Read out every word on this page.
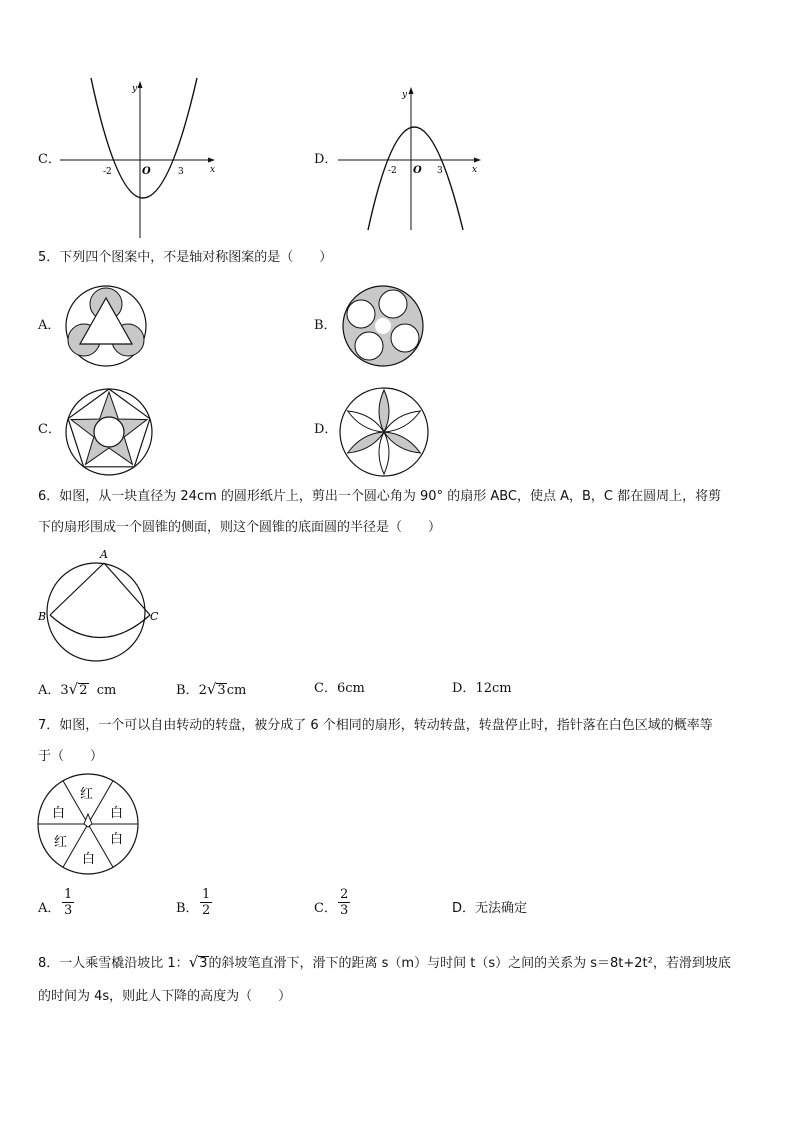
C．
x
y
O
-2	3
D．
x
y
O
-2	3
5．下列四个图案中，不是轴对称图案的是（　　）
A．	B．
C．	D．
6．如图，从一块直径为 24cm 的圆形纸片上，剪出一个圆心角为 90° 的扇形 ABC，使点 A，B，C 都在圆周上，将剪
下的扇形围成一个圆锥的侧面，则这个圆锥的底面圆的半径是（　　）
A
B	C
A．3√2 cm	B．2√3cm	C．6cm	D．12cm
7．如图，一个可以自由转动的转盘，被分成了 6 个相同的扇形，转动转盘，转盘停止时，指针落在白色区域的概率等
于（　　）
红
白
白
白
红
白
A． $\frac{1}{3}$	B． $\frac{1}{2}$	C． $\frac{2}{3}$	D．无法确定
8．一人乘雪橇沿坡比 1：√3的斜坡笔直滑下，滑下的距离 s（m）与时间 t（s）之间的关系为 s＝8t+2t²，若滑到坡底
的时间为 4s，则此人下降的高度为（　　）
